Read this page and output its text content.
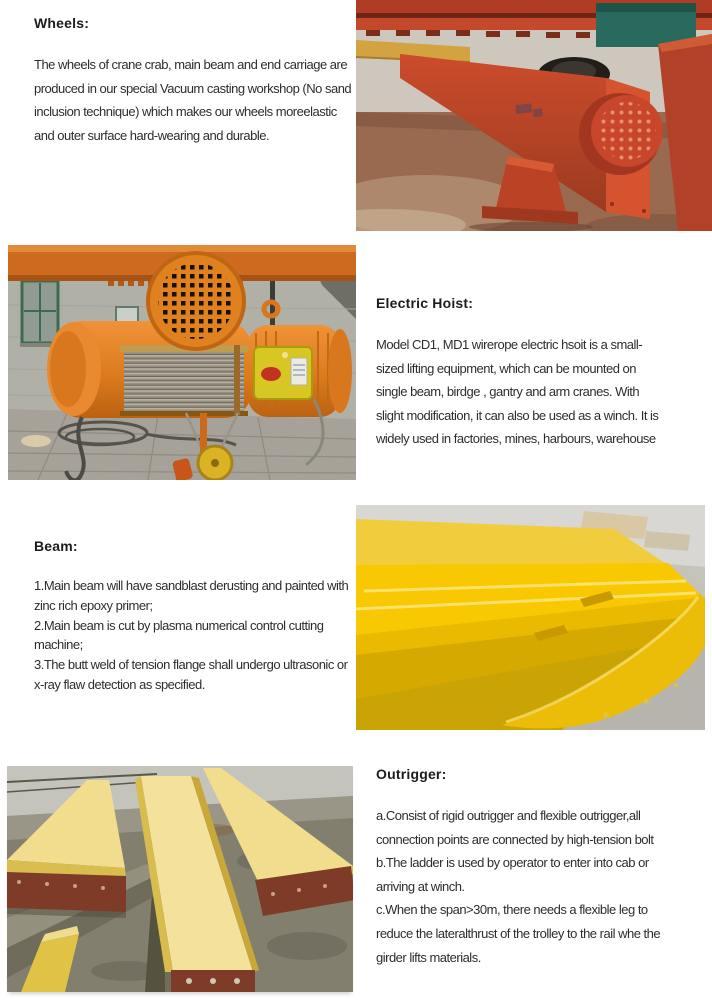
Wheels:

The wheels of crane crab, main beam and end carriage are produced in our special Vacuum casting workshop (No sand inclusion technique) which makes our wheels moreelastic and outer surface hard-wearing and durable.

Electric Hoist:

Model CD1, MD1 wirerope electric hsoit is a small-sized lifting equipment, which can be mounted on single beam, birdge , gantry and arm cranes. With slight modification, it can also be used as a winch. It is widely used in factories, mines, harbours, warehouse

Beam:

1.Main beam will have sandblast derusting and painted with zinc rich epoxy primer;

2.Main beam is cut by plasma numerical control cutting machine;

3.The butt weld of tension flange shall undergo ultrasonic or x-ray flaw detection as specified.

Outrigger:

a.Consist of rigid outrigger and flexible outrigger,all connection points are connected by high-tension bolt

b.The ladder is used by operator to enter into cab or arriving at winch.

c.When the span>30m, there needs a flexible leg to reduce the lateralthrust of the trolley to the rail whe the girder lifts materials.
